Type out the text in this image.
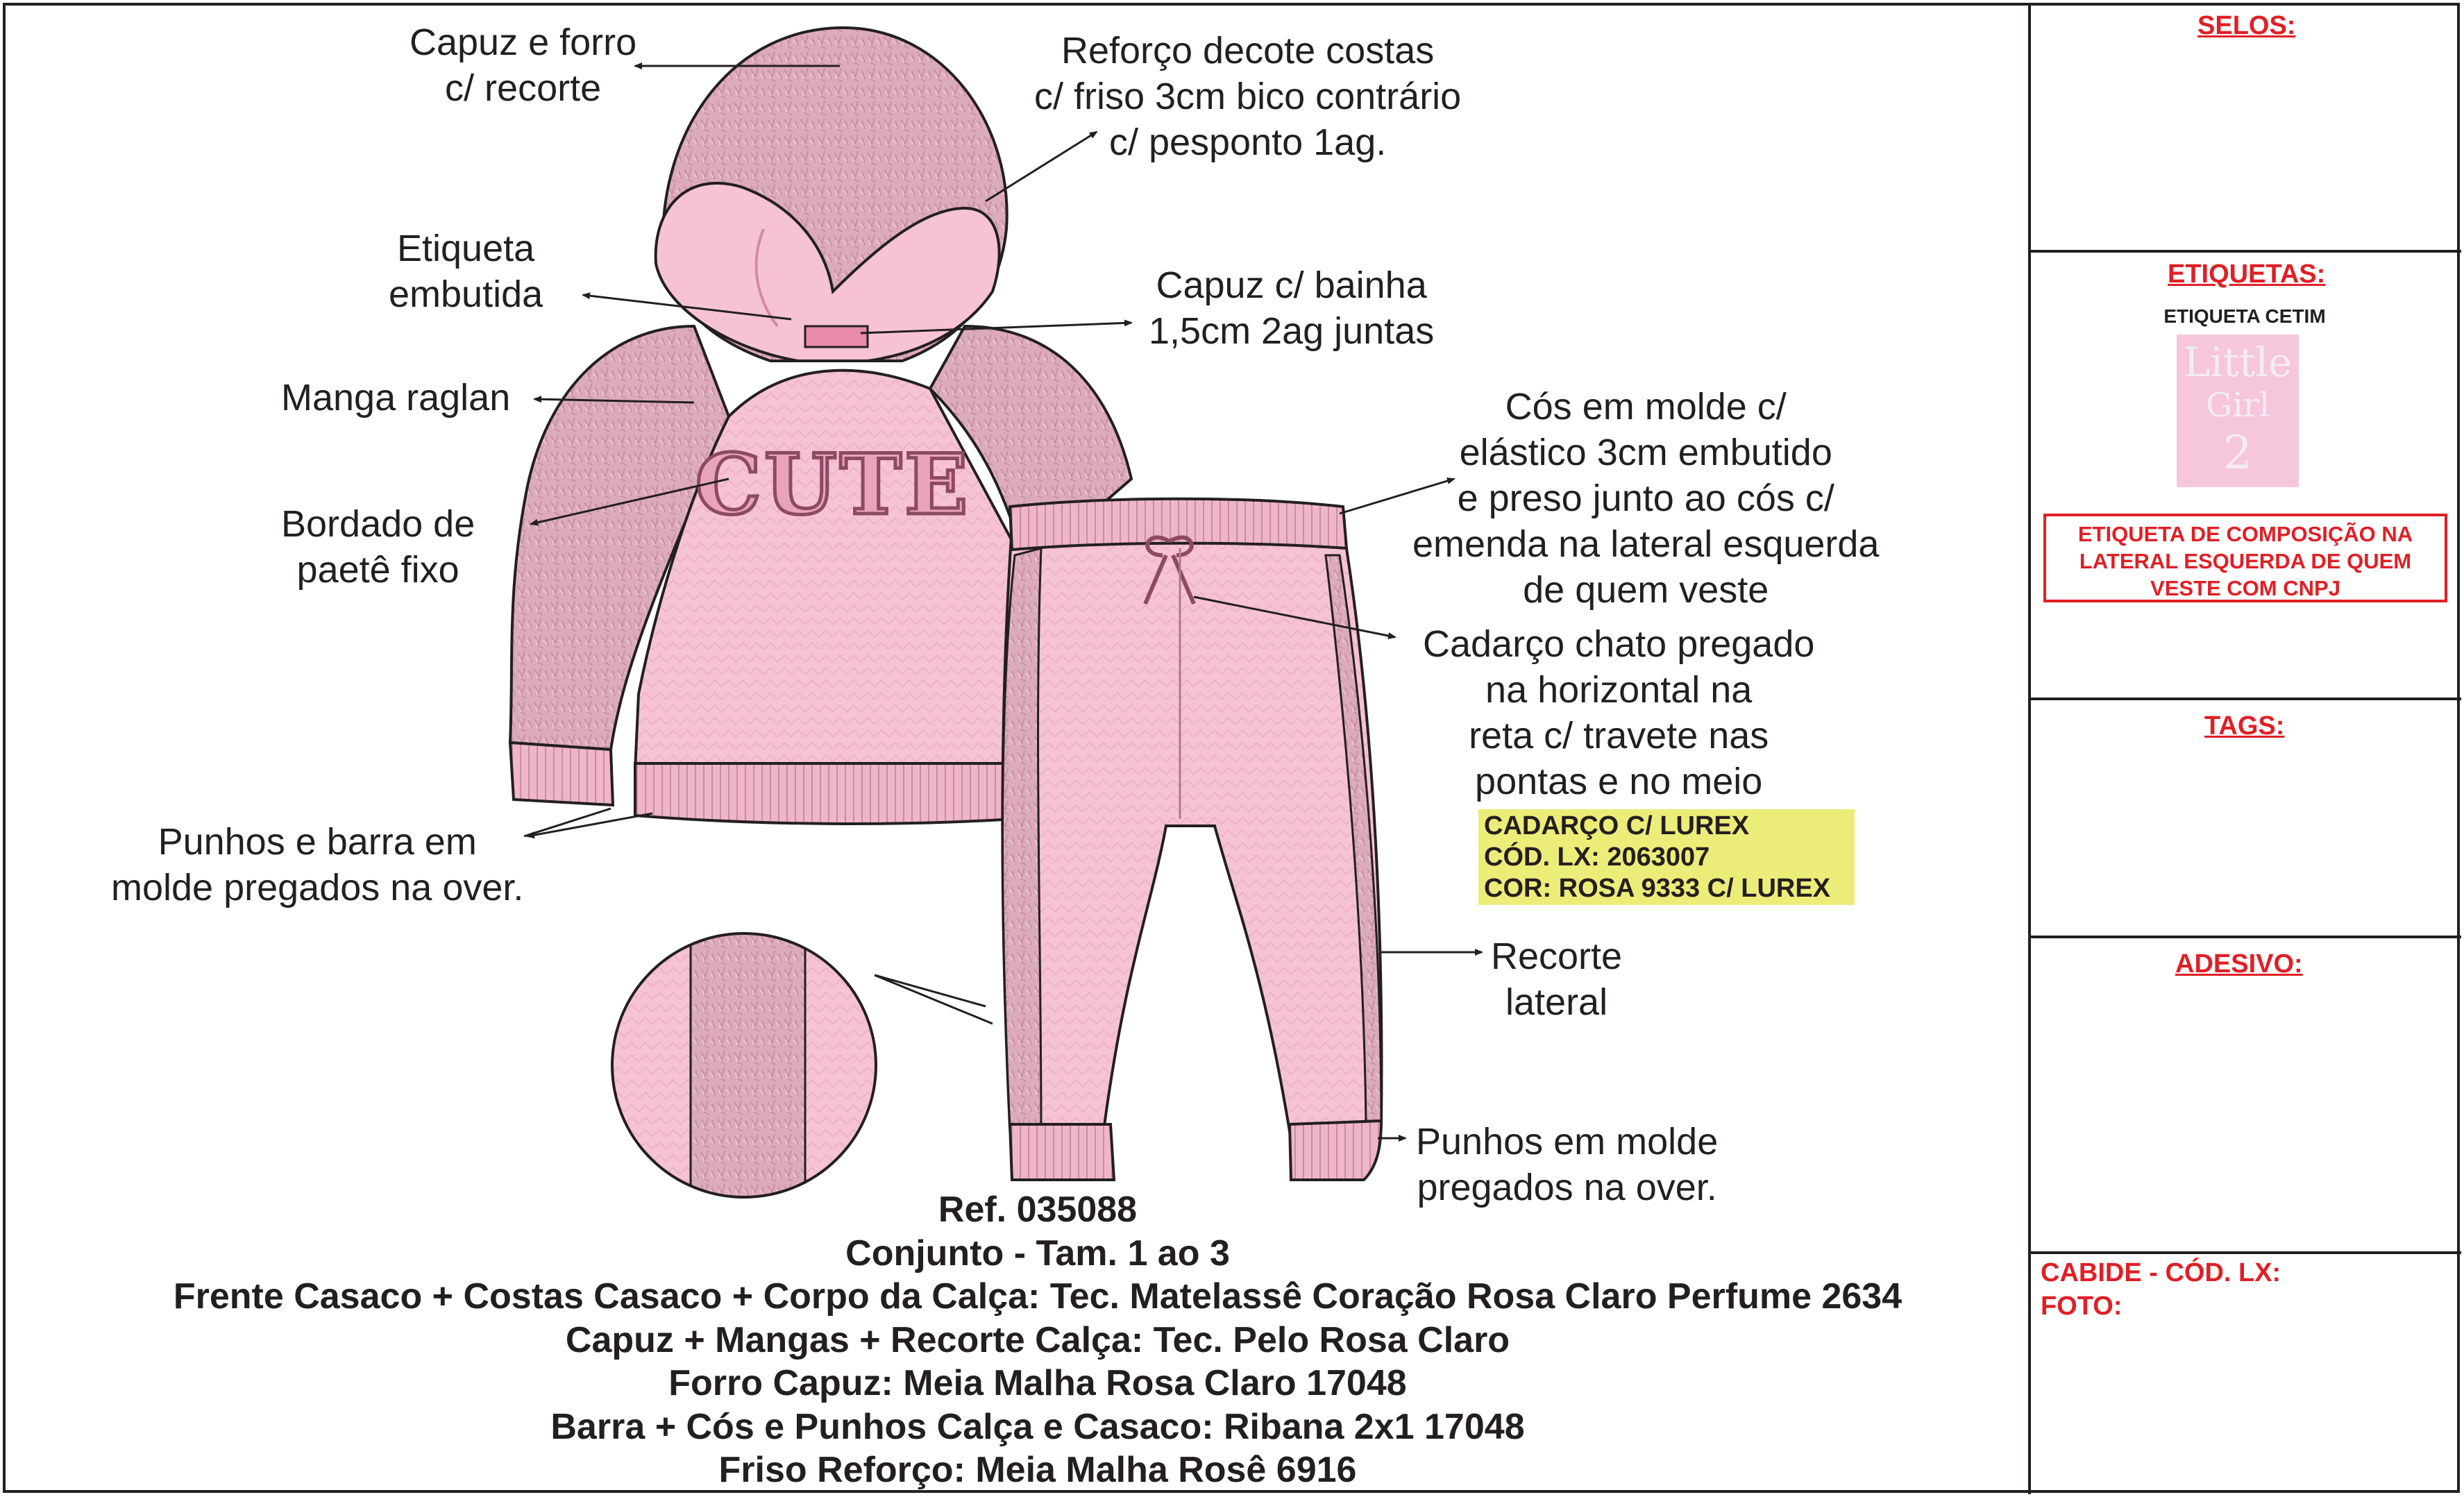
CUTE
Capuz e forro
c/ recorte
Reforço decote costas
c/ friso 3cm bico contrário
c/ pesponto 1ag.
Etiqueta
embutida	Capuz c/ bainha
1,5cm 2ag juntas
Manga raglan	Cós em molde c/
elástico 3cm embutido
e preso junto ao cós c/
emenda na lateral esquerda
de quem veste
Bordado de
paetê fixo
Cadarço chato pregado
na horizontal na
reta c/ travete nas
pontas e no meio
Punhos e barra em
molde pregados na over.
Recorte
lateral
Punhos em molde
pregados na over.
CADARÇO C/ LUREX
CÓD. LX: 2063007
COR: ROSA 9333 C/ LUREX
Ref. 035088
Conjunto - Tam. 1 ao 3
Frente Casaco + Costas Casaco + Corpo da Calça: Tec. Matelassê Coração Rosa Claro Perfume 2634
Capuz + Mangas + Recorte Calça: Tec. Pelo Rosa Claro
Forro Capuz: Meia Malha Rosa Claro 17048
Barra + Cós e Punhos Calça e Casaco: Ribana 2x1 17048
Friso Reforço: Meia Malha Rosê 6916
SELOS:
ETIQUETAS:
ETIQUETA CETIM
Little
Girl
2
ETIQUETA DE COMPOSIÇÃO NA
LATERAL ESQUERDA DE QUEM
VESTE COM CNPJ
TAGS:
ADESIVO:
CABIDE - CÓD. LX:
FOTO:
